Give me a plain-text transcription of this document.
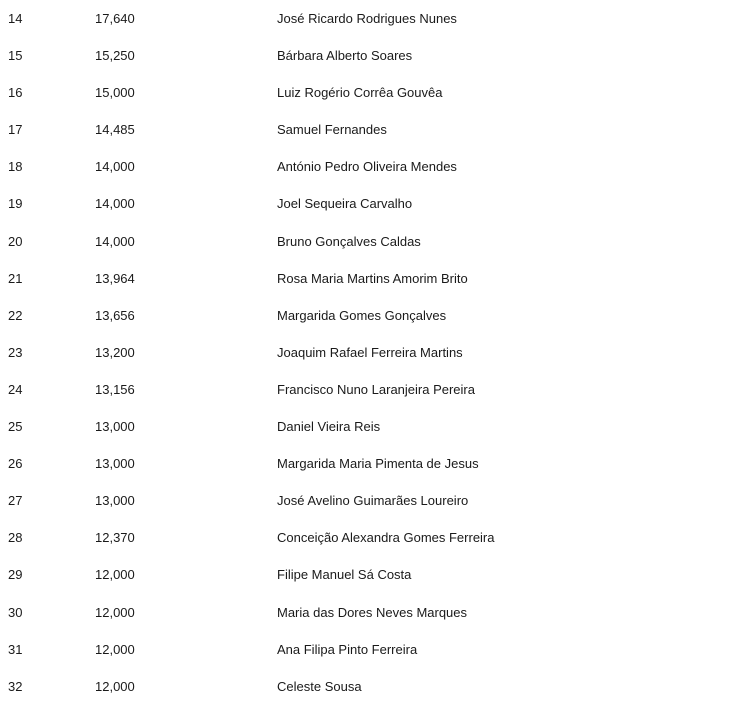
14	17,640	José Ricardo Rodrigues Nunes
15	15,250	Bárbara Alberto Soares
16	15,000	Luiz Rogério Corrêa Gouvêa
17	14,485	Samuel Fernandes
18	14,000	António Pedro Oliveira Mendes
19	14,000	Joel Sequeira Carvalho
20	14,000	Bruno Gonçalves Caldas
21	13,964	Rosa Maria Martins Amorim Brito
22	13,656	Margarida Gomes Gonçalves
23	13,200	Joaquim Rafael Ferreira Martins
24	13,156	Francisco Nuno Laranjeira Pereira
25	13,000	Daniel Vieira Reis
26	13,000	Margarida Maria Pimenta de Jesus
27	13,000	José Avelino Guimarães Loureiro
28	12,370	Conceição Alexandra Gomes Ferreira
29	12,000	Filipe Manuel Sá Costa
30	12,000	Maria das Dores Neves Marques
31	12,000	Ana Filipa Pinto Ferreira
32	12,000	Celeste Sousa
